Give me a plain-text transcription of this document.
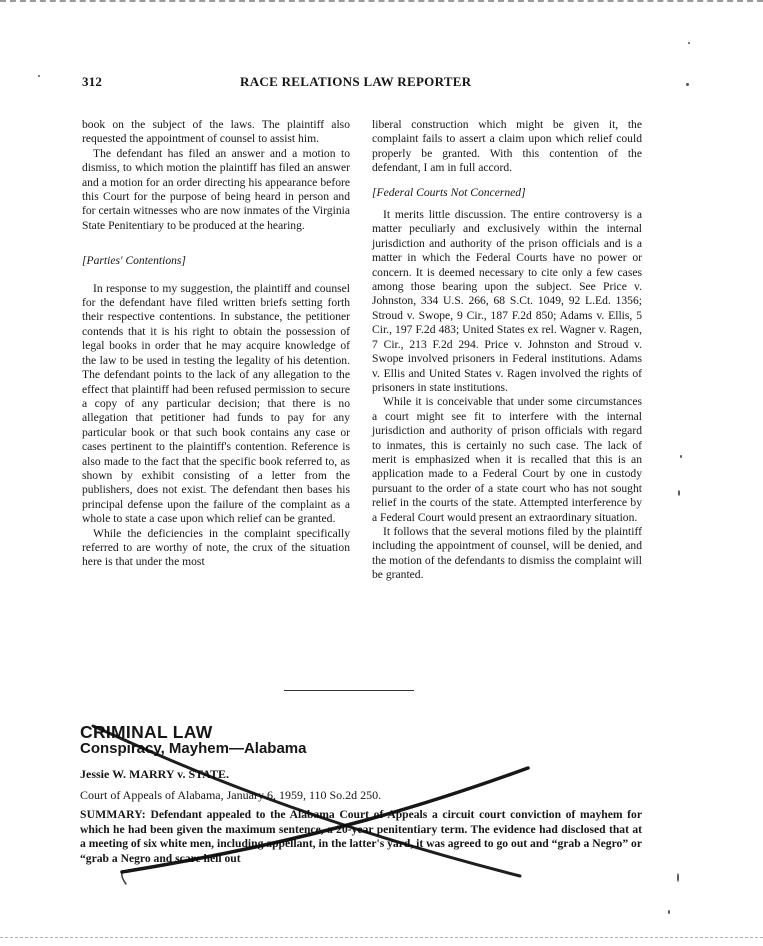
312	RACE RELATIONS LAW REPORTER

book on the subject of the laws. The plaintiff also requested the appointment of counsel to assist him.

The defendant has filed an answer and a motion to dismiss, to which motion the plaintiff has filed an answer and a motion for an order directing his appearance before this Court for the purpose of being heard in person and for certain witnesses who are now inmates of the Virginia State Penitentiary to be produced at the hearing.

[Parties' Contentions]

In response to my suggestion, the plaintiff and counsel for the defendant have filed written briefs setting forth their respective contentions. In substance, the petitioner contends that it is his right to obtain the possession of legal books in order that he may acquire knowledge of the law to be used in testing the legality of his detention. The defendant points to the lack of any allegation to the effect that plaintiff had been refused permission to secure a copy of any particular decision; that there is no allegation that petitioner had funds to pay for any particular book or that such book contains any case or cases pertinent to the plaintiff's contention. Reference is also made to the fact that the specific book referred to, as shown by exhibit consisting of a letter from the publishers, does not exist. The defendant then bases his principal defense upon the failure of the complaint as a whole to state a case upon which relief can be granted.

While the deficiencies in the complaint specifically referred to are worthy of note, the crux of the situation here is that under the most

liberal construction which might be given it, the complaint fails to assert a claim upon which relief could properly be granted. With this contention of the defendant, I am in full accord.

[Federal Courts Not Concerned]

It merits little discussion. The entire controversy is a matter peculiarly and exclusively within the internal jurisdiction and authority of the prison officials and is a matter in which the Federal Courts have no power or concern. It is deemed necessary to cite only a few cases among those bearing upon the subject. See Price v. Johnston, 334 U.S. 266, 68 S.Ct. 1049, 92 L.Ed. 1356; Stroud v. Swope, 9 Cir., 187 F.2d 850; Adams v. Ellis, 5 Cir., 197 F.2d 483; United States ex rel. Wagner v. Ragen, 7 Cir., 213 F.2d 294. Price v. Johnston and Stroud v. Swope involved prisoners in Federal institutions. Adams v. Ellis and United States v. Ragen involved the rights of prisoners in state institutions.

While it is conceivable that under some circumstances a court might see fit to interfere with the internal jurisdiction and authority of prison officials with regard to inmates, this is certainly no such case. The lack of merit is emphasized when it is recalled that this is an application made to a Federal Court by one in custody pursuant to the order of a state court who has not sought relief in the courts of the state. Attempted interference by a Federal Court would present an extraordinary situation.

It follows that the several motions filed by the plaintiff including the appointment of counsel, will be denied, and the motion of the defendants to dismiss the complaint will be granted.

CRIMINAL LAW
Conspiracy, Mayhem—Alabama
Jessie W. MARRY v. STATE.
Court of Appeals of Alabama, January 6, 1959, 110 So.2d 250.

SUMMARY: Defendant appealed to the Alabama Court of Appeals a circuit court conviction of mayhem for which he had been given the maximum sentence, a 20-year penitentiary term. The evidence had disclosed that at a meeting of six white men, including appellant, in the latter's yard, it was agreed to go out and “grab a Negro” or “grab a Negro and scare hell out
